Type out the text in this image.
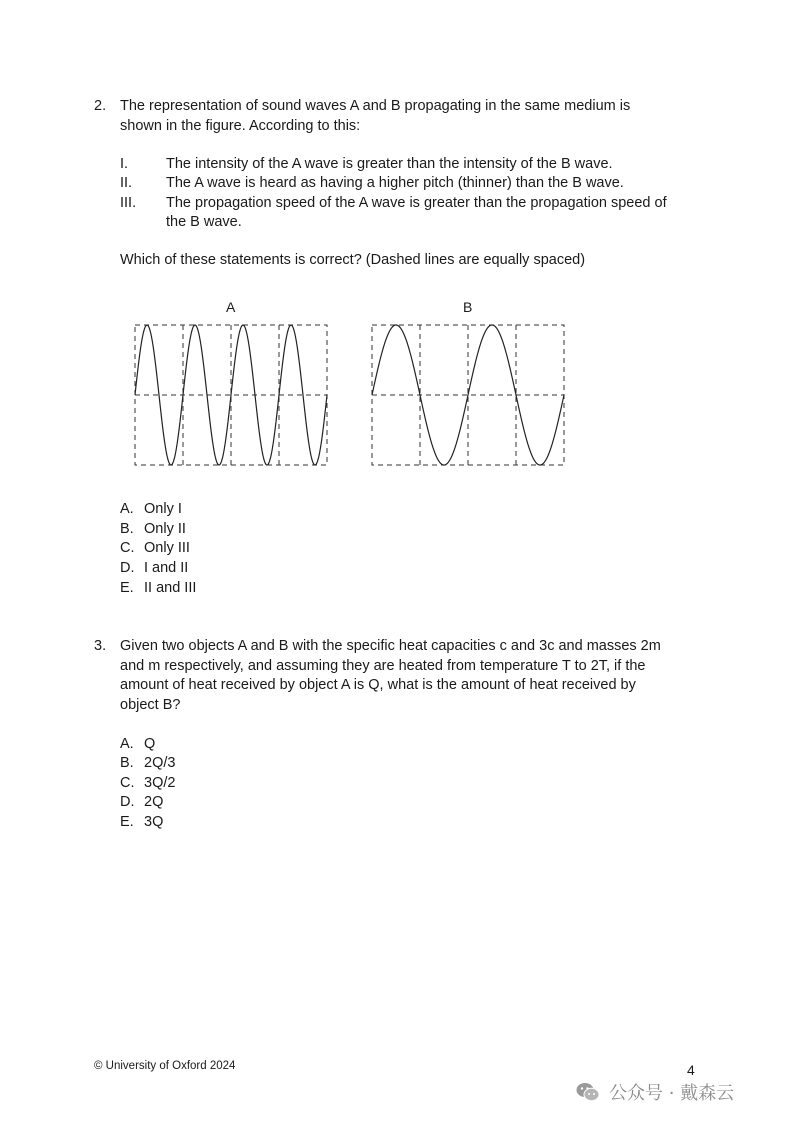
2. The representation of sound waves A and B propagating in the same medium is
shown in the figure. According to this:
I.	The intensity of the A wave is greater than the intensity of the B wave.
II. The A wave is heard as having a higher pitch (thinner) than the B wave.
III. The propagation speed of the A wave is greater than the propagation speed of
the B wave.
Which of these statements is correct? (Dashed lines are equally spaced)
A	B
A. Only I
B. Only II
C. Only III
D. I and II
E. II and III
3. Given two objects A and B with the specific heat capacities c and 3c and masses 2m
and m respectively, and assuming they are heated from temperature T to 2T, if the
amount of heat received by object A is Q, what is the amount of heat received by
object B?
A. Q
B. 2Q/3
C. 3Q/2
D. 2Q
E. 3Q
© University of Oxford 2024	4
公众号 · 戴森云
